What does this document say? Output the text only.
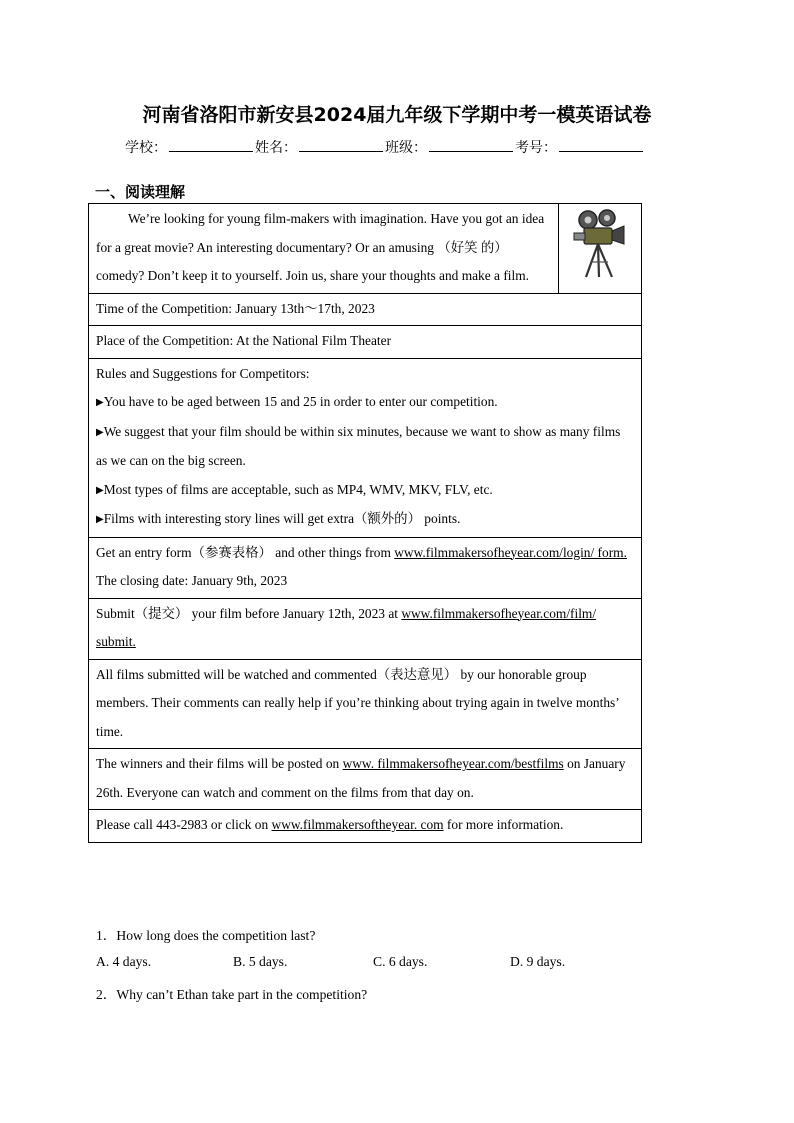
河南省洛阳市新安县2024届九年级下学期中考一模英语试卷
学校：	姓名：	班级：	考号：
一、阅读理解
We’re looking for young film-makers with imagination. Have you got an idea for a great movie? An interesting documentary? Or an amusing （好笑 的） comedy? Don’t keep it to yourself. Join us, share your thoughts and make a film.	
Time of the Competition: January 13th～17th, 2023
Place of the Competition: At the National Film Theater

Rules and Suggestions for Competitors:
▶You have to be aged between 15 and 25 in order to enter our competition.
▶We suggest that your film should be within six minutes, because we want to show as many films as we can on the big screen.
▶Most types of films are acceptable, such as MP4, WMV, MKV, FLV, etc.
▶Films with interesting story lines will get extra（额外的） points.

Get an entry form（参赛表格） and other things from www.filmmakersofheyear.com/login/ form.
The closing date: January 9th, 2023

Submit（提交） your film before January 12th, 2023 at www.filmmakersofheyear.com/film/ submit.
All films submitted will be watched and commented（表达意见） by our honorable group members. Their comments can really help if you’re thinking about trying again in twelve months’ time.
The winners and their films will be posted on www. filmmakersofheyear.com/bestfilms on January 26th. Everyone can watch and comment on the films from that day on.
Please call 443-2983 or click on www.filmmakersoftheyear. com for more information.
1．How long does the competition last?
A. 4 days.	B. 5 days.	C. 6 days.	D. 9 days.
2．Why can’t Ethan take part in the competition?
